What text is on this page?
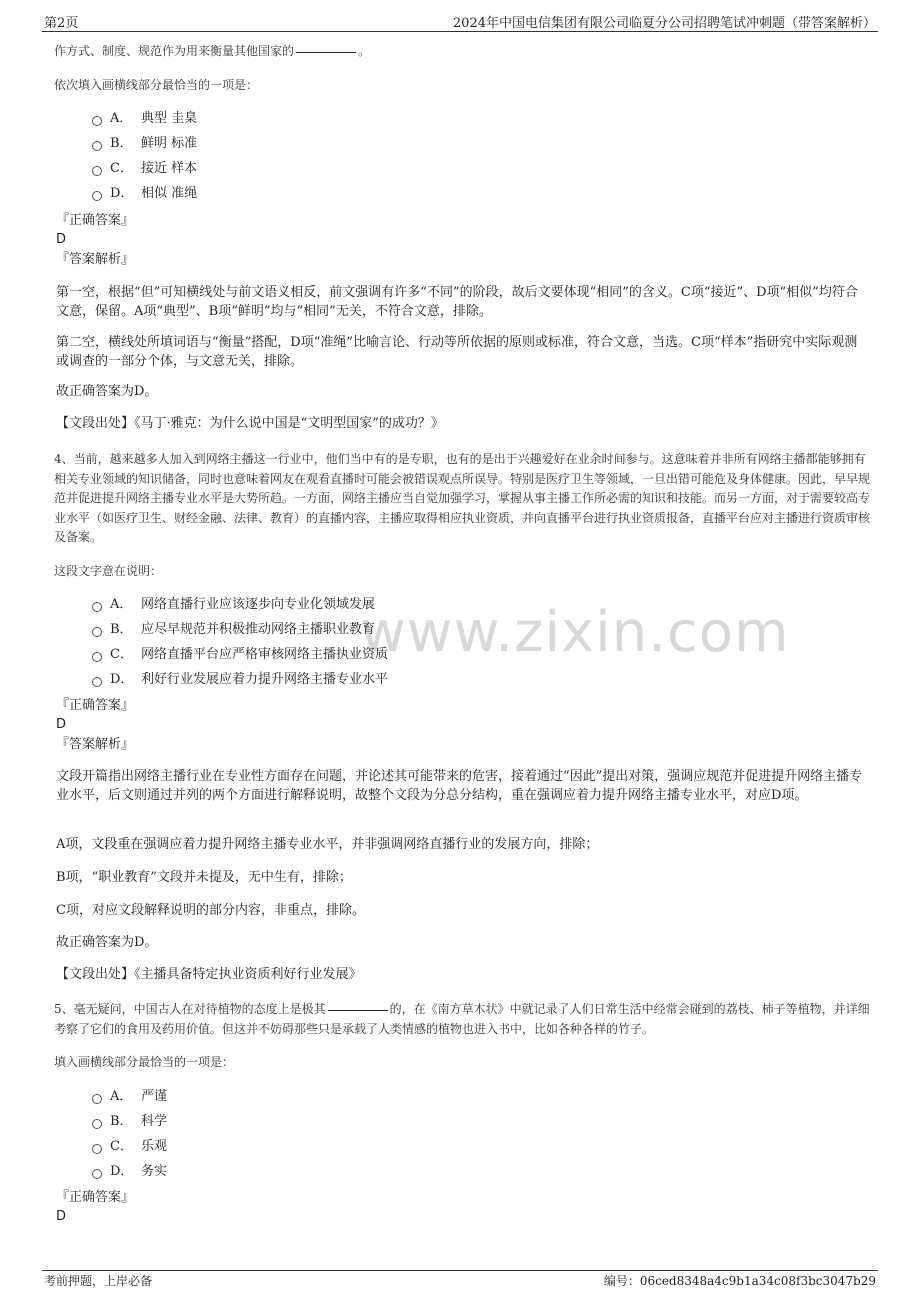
第2页	2024年中国电信集团有限公司临夏分公司招聘笔试冲刺题（带答案解析）
www.zixin.com

作方式、制度、规范作为用来衡量其他国家的	。

依次填入画横线部分最恰当的一项是：

A． 典型 圭臬
B． 鲜明 标准
C． 接近 样本
D． 相似 准绳

『正确答案』

D

『答案解析』

第一空，根据“但”可知横线处与前文语义相反，前文强调有许多“不同”的阶段，故后文要体现“相同”的含义。C项“接近”、D项“相似”均符合文意，保留。A项“典型”、B项“鲜明”均与“相同”无关，不符合文意，排除。

第二空，横线处所填词语与“衡量”搭配，D项“准绳”比喻言论、行动等所依据的原则或标准，符合文意，当选。C项“样本”指研究中实际观测或调查的一部分个体，与文意无关，排除。

故正确答案为D。

【文段出处】《马丁·雅克：为什么说中国是“文明型国家”的成功？》

4、当前，越来越多人加入到网络主播这一行业中，他们当中有的是专职，也有的是出于兴趣爱好在业余时间参与。这意味着并非所有网络主播都能够拥有相关专业领域的知识储备，同时也意味着网友在观看直播时可能会被错误观点所误导。特别是医疗卫生等领域，一旦出错可能危及身体健康。因此，早早规范并促进提升网络主播专业水平是大势所趋。一方面，网络主播应当自觉加强学习，掌握从事主播工作所必需的知识和技能。而另一方面，对于需要较高专业水平（如医疗卫生、财经金融、法律、教育）的直播内容，主播应取得相应执业资质，并向直播平台进行执业资质报备，直播平台应对主播进行资质审核及备案。

这段文字意在说明：

A． 网络直播行业应该逐步向专业化领域发展
B． 应尽早规范并积极推动网络主播职业教育
C． 网络直播平台应严格审核网络主播执业资质
D． 利好行业发展应着力提升网络主播专业水平

『正确答案』

D

『答案解析』

文段开篇指出网络主播行业在专业性方面存在问题，并论述其可能带来的危害，接着通过“因此”提出对策，强调应规范并促进提升网络主播专业水平，后文则通过并列的两个方面进行解释说明，故整个文段为分总分结构，重在强调应着力提升网络主播专业水平，对应D项。

A项，文段重在强调应着力提升网络主播专业水平，并非强调网络直播行业的发展方向，排除；

B项，“职业教育”文段并未提及，无中生有，排除；

C项，对应文段解释说明的部分内容，非重点，排除。

故正确答案为D。

【文段出处】《主播具备特定执业资质利好行业发展》

5、毫无疑问，中国古人在对待植物的态度上是极其	的，在《南方草木状》中就记录了人们日常生活中经常会碰到的荔枝、柿子等植物，并详细考察了它们的食用及药用价值。但这并不妨碍那些只是承载了人类情感的植物也进入书中，比如各种各样的竹子。

填入画横线部分最恰当的一项是：

A． 严谨
B． 科学
C． 乐观
D． 务实

『正确答案』

D

考前押题，上岸必备	编号：06ced8348a4c9b1a34c08f3bc3047b29
